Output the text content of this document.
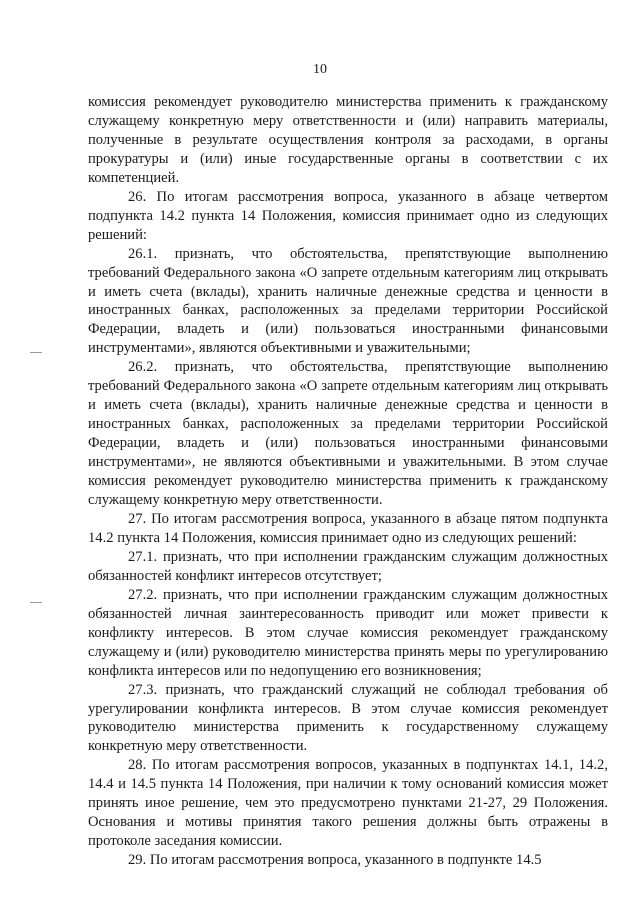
10

комиссия рекомендует руководителю министерства применить к гражданскому служащему конкретную меру ответственности и (или) направить материалы, полученные в результате осуществления контроля за расходами, в органы прокуратуры и (или) иные государственные органы в соответствии с их компетенцией.

26. По итогам рассмотрения вопроса, указанного в абзаце четвертом подпункта 14.2 пункта 14 Положения, комиссия принимает одно из следующих решений:

26.1. признать, что обстоятельства, препятствующие выполнению требований Федерального закона «О запрете отдельным категориям лиц открывать и иметь счета (вклады), хранить наличные денежные средства и ценности в иностранных банках, расположенных за пределами территории Российской Федерации, владеть и (или) пользоваться иностранными финансовыми инструментами», являются объективными и уважительными;

26.2. признать, что обстоятельства, препятствующие выполнению требований Федерального закона «О запрете отдельным категориям лиц открывать и иметь счета (вклады), хранить наличные денежные средства и ценности в иностранных банках, расположенных за пределами территории Российской Федерации, владеть и (или) пользоваться иностранными финансовыми инструментами», не являются объективными и уважительными. В этом случае комиссия рекомендует руководителю министерства применить к гражданскому служащему конкретную меру ответственности.

27. По итогам рассмотрения вопроса, указанного в абзаце пятом подпункта 14.2 пункта 14 Положения, комиссия принимает одно из следующих решений:

27.1. признать, что при исполнении гражданским служащим должностных обязанностей конфликт интересов отсутствует;

27.2. признать, что при исполнении гражданским служащим должностных обязанностей личная заинтересованность приводит или может привести к конфликту интересов. В этом случае комиссия рекомендует гражданскому служащему и (или) руководителю министерства принять меры по урегулированию конфликта интересов или по недопущению его возникновения;

27.3. признать, что гражданский служащий не соблюдал требования об урегулировании конфликта интересов. В этом случае комиссия рекомендует руководителю министерства применить к государственному служащему конкретную меру ответственности.

28. По итогам рассмотрения вопросов, указанных в подпунктах 14.1, 14.2, 14.4 и 14.5 пункта 14 Положения, при наличии к тому оснований комиссия может принять иное решение, чем это предусмотрено пунктами 21-27, 29 Положения. Основания и мотивы принятия такого решения должны быть отражены в протоколе заседания комиссии.

29. По итогам рассмотрения вопроса, указанного в подпункте 14.5
